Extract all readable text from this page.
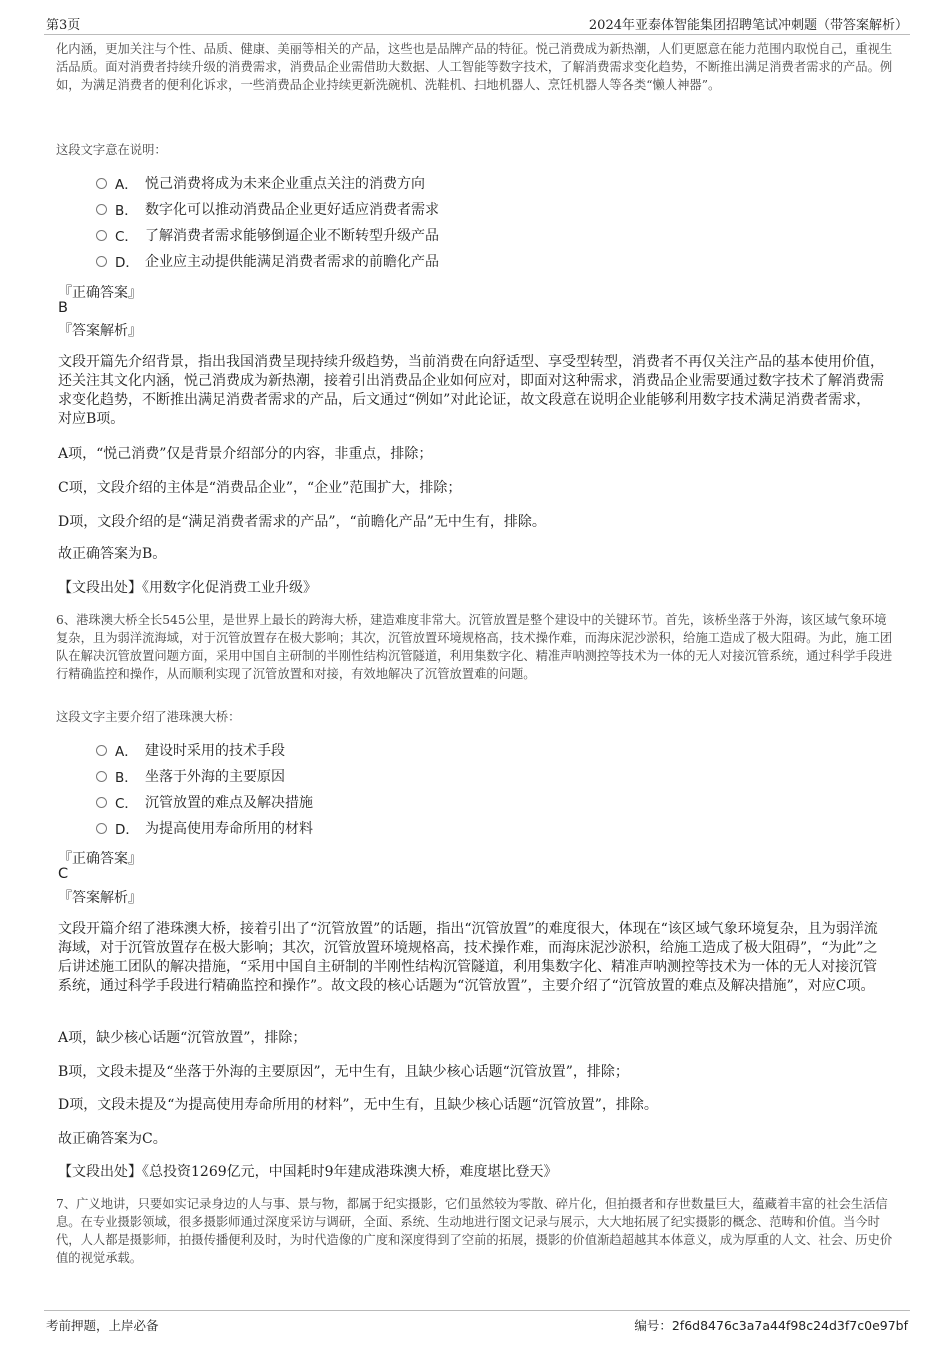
第3页	2024年亚泰体智能集团招聘笔试冲刺题（带答案解析）

化内涵，更加关注与个性、品质、健康、美丽等相关的产品，这些也是品牌产品的特征。悦己消费成为新热潮，人们更愿意在能力范围内取悦自己，重视生活品质。面对消费者持续升级的消费需求，消费品企业需借助大数据、人工智能等数字技术，了解消费需求变化趋势，不断推出满足消费者需求的产品。例如，为满足消费者的便利化诉求，一些消费品企业持续更新洗碗机、洗鞋机、扫地机器人、烹饪机器人等各类“懒人神器”。

这段文字意在说明：

A． 悦己消费将成为未来企业重点关注的消费方向
B． 数字化可以推动消费品企业更好适应消费者需求
C． 了解消费者需求能够倒逼企业不断转型升级产品
D． 企业应主动提供能满足消费者需求的前瞻化产品

『正确答案』

B

『答案解析』

文段开篇先介绍背景，指出我国消费呈现持续升级趋势，当前消费在向舒适型、享受型转型，消费者不再仅关注产品的基本使用价值，还关注其文化内涵，悦己消费成为新热潮，接着引出消费品企业如何应对，即面对这种需求，消费品企业需要通过数字技术了解消费需求变化趋势，不断推出满足消费者需求的产品，后文通过“例如”对此论证，故文段意在说明企业能够利用数字技术满足消费者需求，对应B项。

A项，“悦己消费”仅是背景介绍部分的内容，非重点，排除；

C项，文段介绍的主体是“消费品企业”，“企业”范围扩大，排除；

D项，文段介绍的是“满足消费者需求的产品”，“前瞻化产品”无中生有，排除。

故正确答案为B。

【文段出处】《用数字化促消费工业升级》

6、港珠澳大桥全长545公里，是世界上最长的跨海大桥，建造难度非常大。沉管放置是整个建设中的关键环节。首先，该桥坐落于外海，该区域气象环境复杂，且为弱洋流海域，对于沉管放置存在极大影响；其次，沉管放置环境规格高，技术操作难，而海床泥沙淤积，给施工造成了极大阻碍。为此，施工团队在解决沉管放置问题方面，采用中国自主研制的半刚性结构沉管隧道，利用集数字化、精准声呐测控等技术为一体的无人对接沉管系统，通过科学手段进行精确监控和操作，从而顺利实现了沉管放置和对接，有效地解决了沉管放置难的问题。

这段文字主要介绍了港珠澳大桥：

A． 建设时采用的技术手段
B． 坐落于外海的主要原因
C． 沉管放置的难点及解决措施
D． 为提高使用寿命所用的材料

『正确答案』

C

『答案解析』

文段开篇介绍了港珠澳大桥，接着引出了“沉管放置”的话题，指出“沉管放置”的难度很大，体现在“该区域气象环境复杂，且为弱洋流海域，对于沉管放置存在极大影响；其次，沉管放置环境规格高，技术操作难，而海床泥沙淤积，给施工造成了极大阻碍”，“为此”之后讲述施工团队的解决措施，“采用中国自主研制的半刚性结构沉管隧道，利用集数字化、精准声呐测控等技术为一体的无人对接沉管系统，通过科学手段进行精确监控和操作”。故文段的核心话题为“沉管放置”，主要介绍了“沉管放置的难点及解决措施”，对应C项。

A项，缺少核心话题“沉管放置”，排除；

B项，文段未提及“坐落于外海的主要原因”，无中生有，且缺少核心话题“沉管放置”，排除；

D项，文段未提及“为提高使用寿命所用的材料”，无中生有，且缺少核心话题“沉管放置”，排除。

故正确答案为C。

【文段出处】《总投资1269亿元，中国耗时9年建成港珠澳大桥，难度堪比登天》

7、广义地讲，只要如实记录身边的人与事、景与物，都属于纪实摄影，它们虽然较为零散、碎片化，但拍摄者和存世数量巨大，蕴藏着丰富的社会生活信息。在专业摄影领域，很多摄影师通过深度采访与调研，全面、系统、生动地进行图文记录与展示，大大地拓展了纪实摄影的概念、范畴和价值。当今时代，人人都是摄影师，拍摄传播便利及时，为时代造像的广度和深度得到了空前的拓展，摄影的价值渐趋超越其本体意义，成为厚重的人文、社会、历史价值的视觉承载。

考前押题，上岸必备	编号：2f6d8476c3a7a44f98c24d3f7c0e97bf
